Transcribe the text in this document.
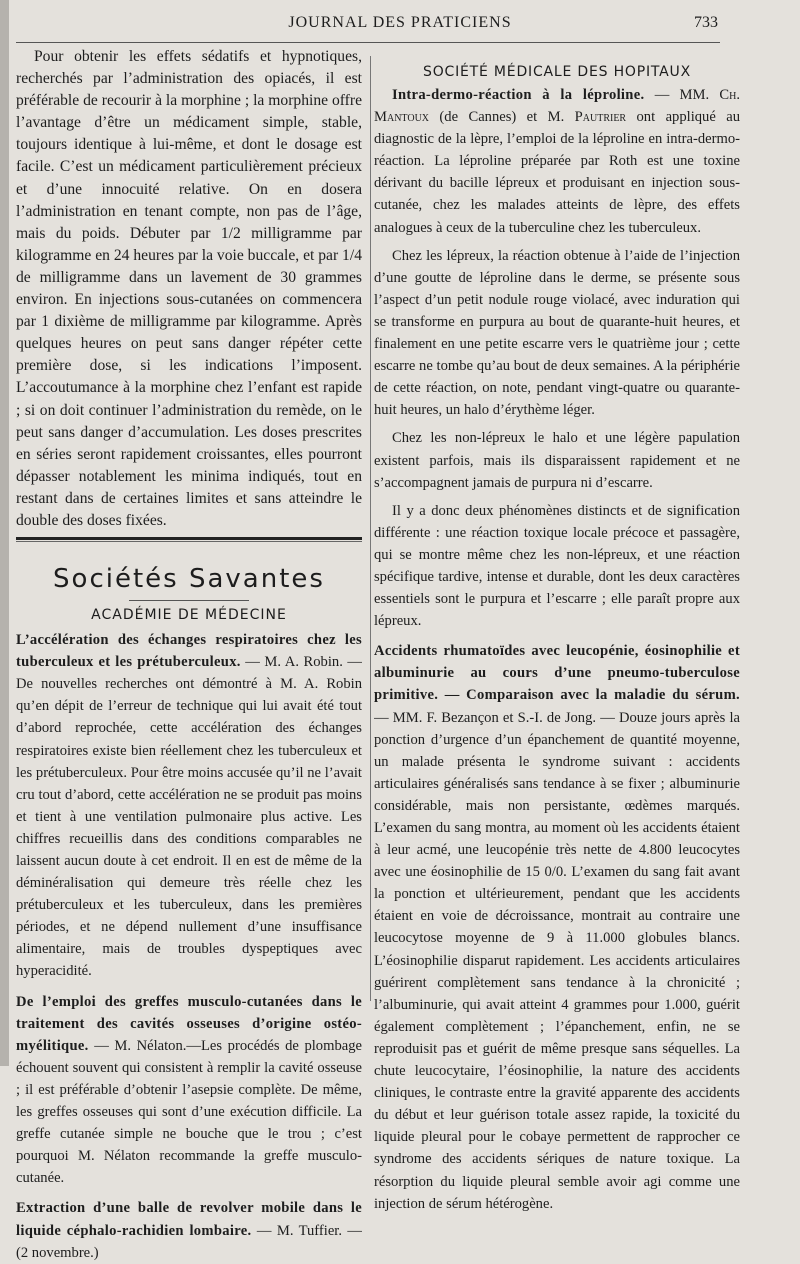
JOURNAL DES PRATICIENS	733

Pour obtenir les effets sédatifs et hypnotiques, recherchés par l’administration des opiacés, il est préférable de recourir à la morphine ; la morphine offre l’avantage d’être un médicament simple, stable, toujours identique à lui-même, et dont le dosage est facile. C’est un médicament particulièrement précieux et d’une innocuité relative. On en dosera l’administration en tenant compte, non pas de l’âge, mais du poids. Débuter par 1/2 milligramme par kilogramme en 24 heures par la voie buccale, et par 1/4 de milligramme dans un lavement de 30 grammes environ. En injections sous-cutanées on commencera par 1 dixième de milligramme par kilogramme. Après quelques heures on peut sans danger répéter cette première dose, si les indications l’imposent. L’accoutumance à la morphine chez l’enfant est rapide ; si on doit continuer l’administration du remède, on le peut sans danger d’accumulation. Les doses prescrites en séries seront rapidement croissantes, elles pourront dépasser notablement les minima indiqués, tout en restant dans de certaines limites et sans atteindre le double des doses fixées.

Sociétés Savantes
ACADÉMIE DE MÉDECINE

L’accélération des échanges respiratoires chez les tuberculeux et les prétuberculeux. — M. A. Robin. — De nouvelles recherches ont démontré à M. A. Robin qu’en dépit de l’erreur de technique qui lui avait été tout d’abord reprochée, cette accélération des échanges respiratoires existe bien réellement chez les tuberculeux et les prétuberculeux. Pour être moins accusée qu’il ne l’avait cru tout d’abord, cette accélération ne se produit pas moins et tient à une ventilation pulmonaire plus active. Les chiffres recueillis dans des conditions comparables ne laissent aucun doute à cet endroit. Il en est de même de la déminéralisation qui demeure très réelle chez les prétuberculeux et les tuberculeux, dans les premières périodes, et ne dépend nullement d’une insuffisance alimentaire, mais de troubles dyspeptiques avec hyperacidité.

De l’emploi des greffes musculo-cutanées dans le traitement des cavités osseuses d’origine ostéo-myélitique. — M. Nélaton.—Les procédés de plombage échouent souvent qui consistent à remplir la cavité osseuse ; il est préférable d’obtenir l’asepsie complète. De même, les greffes osseuses qui sont d’une exécution difficile. La greffe cutanée simple ne bouche que le trou ; c’est pourquoi M. Nélaton recommande la greffe musculo-cutanée.

Extraction d’une balle de revolver mobile dans le liquide céphalo-rachidien lombaire. — M. Tuffier. — (2 novembre.)

SOCIÉTÉ MÉDICALE DES HOPITAUX

Intra-dermo-réaction à la léproline. — MM. Ch. Mantoux (de Cannes) et M. Pautrier ont appliqué au diagnostic de la lèpre, l’emploi de la léproline en intra-dermo-réaction. La léproline préparée par Roth est une toxine dérivant du bacille lépreux et produisant en injection sous-cutanée, chez les malades atteints de lèpre, des effets analogues à ceux de la tuberculine chez les tuberculeux.

Chez les lépreux, la réaction obtenue à l’aide de l’injection d’une goutte de léproline dans le derme, se présente sous l’aspect d’un petit nodule rouge violacé, avec induration qui se transforme en purpura au bout de quarante-huit heures, et finalement en une petite escarre vers le quatrième jour ; cette escarre ne tombe qu’au bout de deux semaines. A la périphérie de cette réaction, on note, pendant vingt-quatre ou quarante-huit heures, un halo d’érythème léger.

Chez les non-lépreux le halo et une légère papulation existent parfois, mais ils disparaissent rapidement et ne s’accompagnent jamais de purpura ni d’escarre.

Il y a donc deux phénomènes distincts et de signification différente : une réaction toxique locale précoce et passagère, qui se montre même chez les non-lépreux, et une réaction spécifique tardive, intense et durable, dont les deux caractères essentiels sont le purpura et l’escarre ; elle paraît propre aux lépreux.

Accidents rhumatoïdes avec leucopénie, éosinophilie et albuminurie au cours d’une pneumo-tuberculose primitive. — Comparaison avec la maladie du sérum. — MM. F. Bezançon et S.-I. de Jong. — Douze jours après la ponction d’urgence d’un épanchement de quantité moyenne, un malade présenta le syndrome suivant : accidents articulaires généralisés sans tendance à se fixer ; albuminurie considérable, mais non persistante, œdèmes marqués. L’examen du sang montra, au moment où les accidents étaient à leur acmé, une leucopénie très nette de 4.800 leucocytes avec une éosinophilie de 15 0/0. L’examen du sang fait avant la ponction et ultérieurement, pendant que les accidents étaient en voie de décroissance, montrait au contraire une leucocytose moyenne de 9 à 11.000 globules blancs. L’éosinophilie disparut rapidement. Les accidents articulaires guérirent complètement sans tendance à la chronicité ; l’albuminurie, qui avait atteint 4 grammes pour 1.000, guérit également complètement ; l’épanchement, enfin, ne se reproduisit pas et guérit de même presque sans séquelles. La chute leucocytaire, l’éosinophilie, la nature des accidents cliniques, le contraste entre la gravité apparente des accidents du début et leur guérison totale assez rapide, la toxicité du liquide pleural pour le cobaye permettent de rapprocher ce syndrome des accidents sériques de nature toxique. La résorption du liquide pleural semble avoir agi comme une injection de sérum hétérogène.
